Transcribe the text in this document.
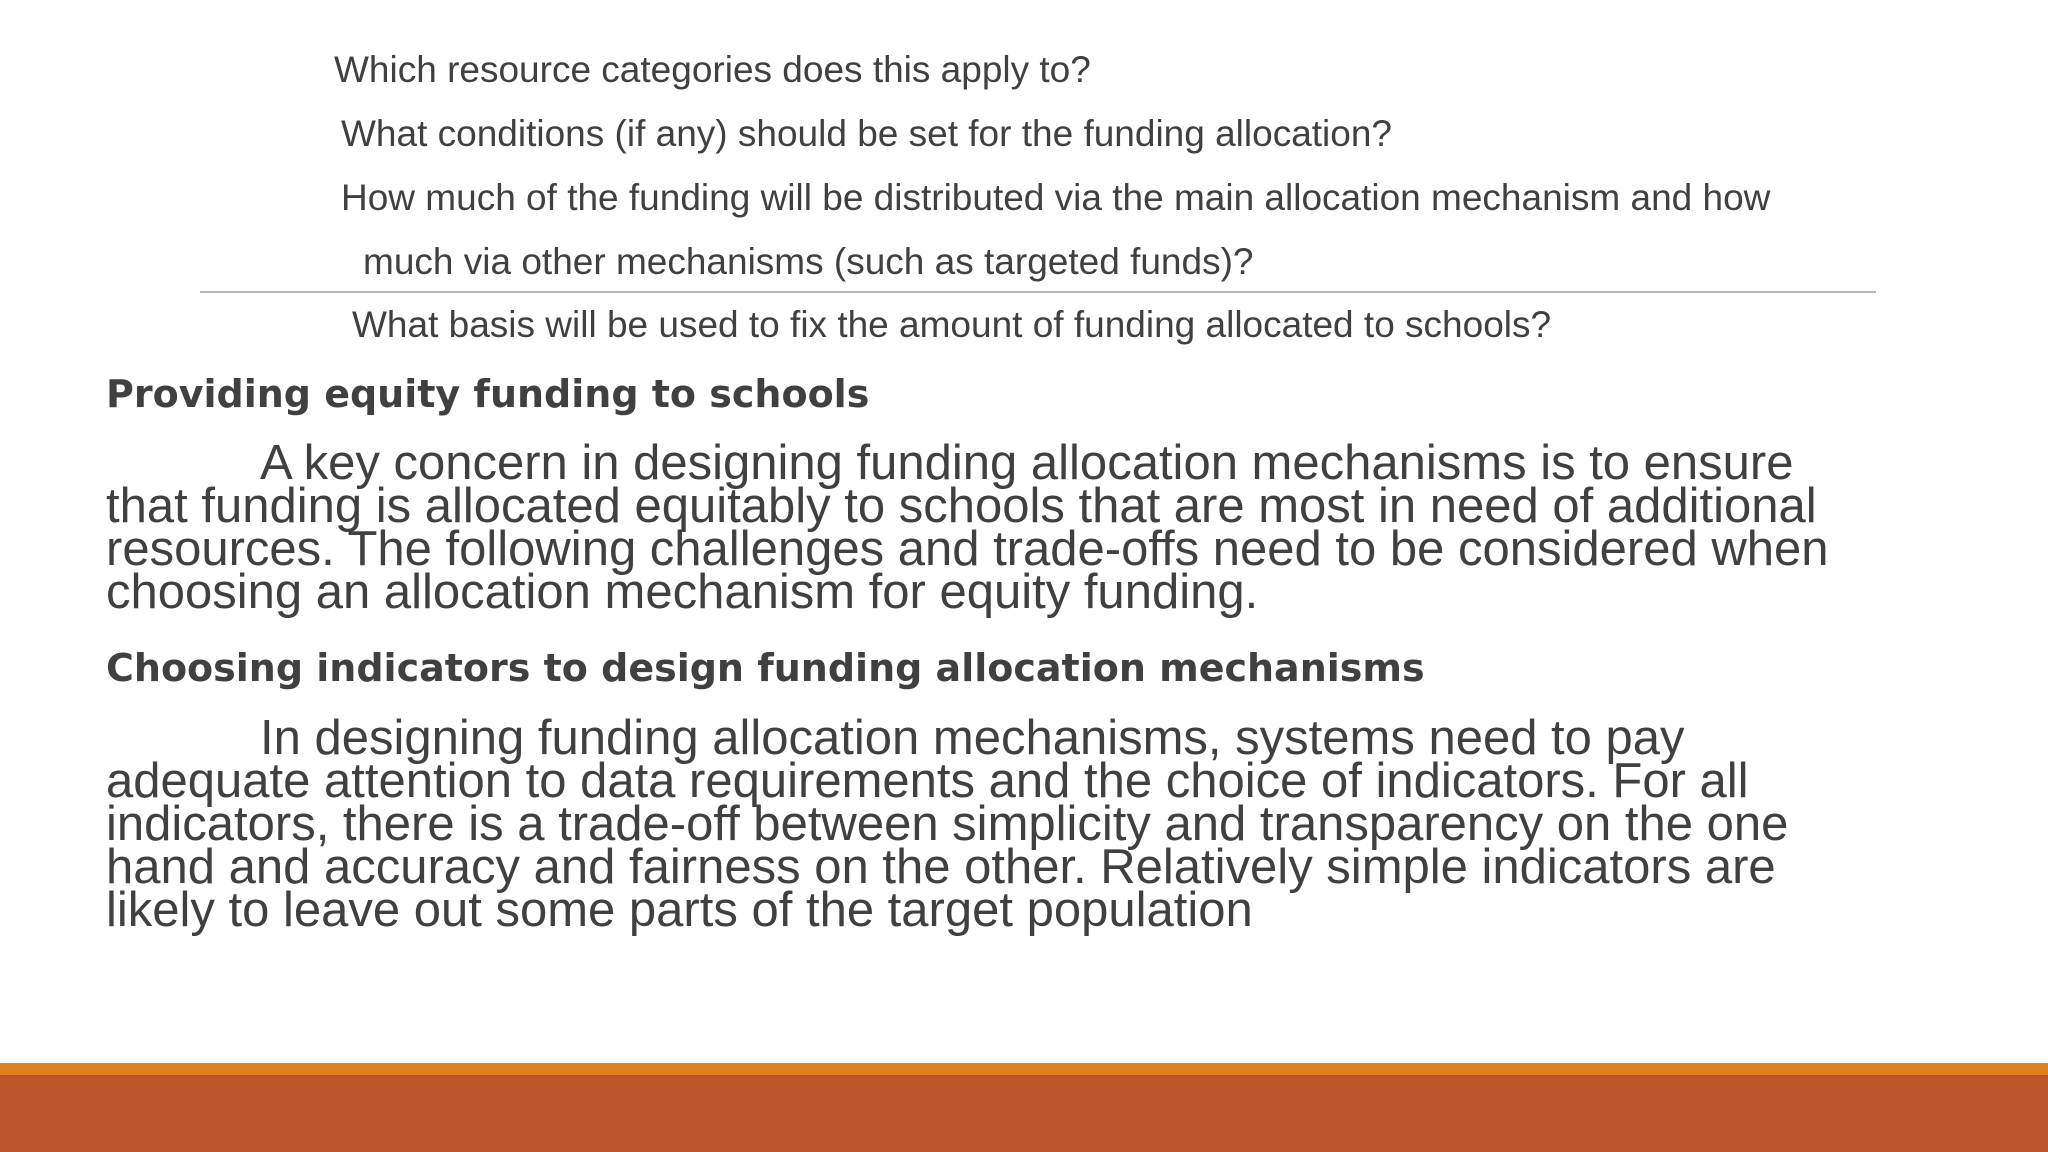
Which resource categories does this apply to?
What conditions (if any) should be set for the funding allocation?
How much of the funding will be distributed via the main allocation mechanism and how
much via other mechanisms (such as targeted funds)?
What basis will be used to fix the amount of funding allocated to schools?
Providing equity funding to schools
A key concern in designing funding allocation mechanisms is to ensure
that funding is allocated equitably to schools that are most in need of additional
resources. The following challenges and trade-offs need to be considered when
choosing an allocation mechanism for equity funding.
Choosing indicators to design funding allocation mechanisms
In designing funding allocation mechanisms, systems need to pay
adequate attention to data requirements and the choice of indicators. For all
indicators, there is a trade-off between simplicity and transparency on the one
hand and accuracy and fairness on the other. Relatively simple indicators are
likely to leave out some parts of the target population
